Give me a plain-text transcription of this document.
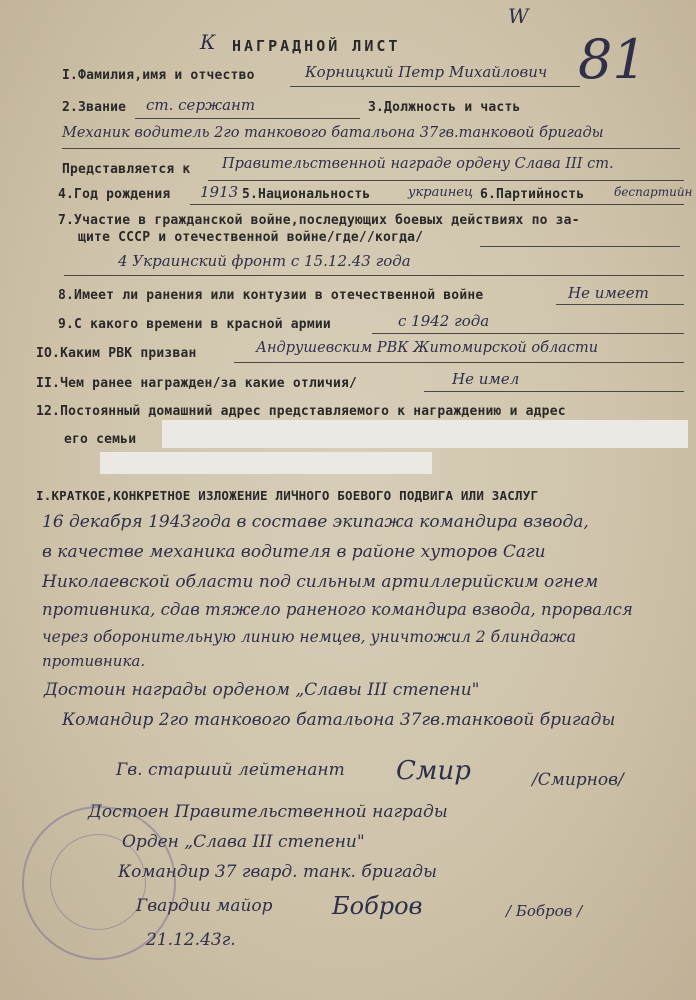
К НАГРАДНОЙ ЛИСТ
W
81
I.Фамилия,имя и отчество	Корницкий Петр Михайлович
2.Звание ст. сержант	3.Должность и часть
Механик водитель 2го танкового батальона 37гв.танковой бригады
Представляется к Правительственной награде ордену Слава III ст.
4.Год рождения 1913 5.Национальность	украинец 6.Партийность беспартийн
7.Участие в гражданской войне,последующих боевых действиях по за-
щите СССР и отечественной войне/где//когда/
4 Украинский фронт с 15.12.43 года
8.Имеет ли ранения или контузии в отечественной войне	Не имеет
9.С какого времени в красной армии	с 1942 года
IO.Каким РВК призван	Андрушевским РВК Житомирской области
II.Чем ранее награжден/за какие отличия/	Не имел
12.Постоянный домашний адрес представляемого к награждению и адрес
его семьи
I.КРАТКОЕ,КОНКРЕТНОЕ ИЗЛОЖЕНИЕ ЛИЧНОГО БОЕВОГО ПОДВИГА ИЛИ ЗАСЛУГ
16 декабря 1943года в составе экипажа командира взвода,
в качестве механика водителя в районе хуторов Саги
Николаевской области под сильным артиллерийским огнем
противника, сдав тяжело раненого командира взвода, прорвался
через оборонительную линию немцев, уничтожил 2 блиндажа
противника.
Достоин награды орденом „Славы III степени"
Командир 2го танкового батальона 37гв.танковой бригады
Гв. старший лейтенант Смир	/Смирнов/
Достоен Правительственной награды
Орден „Слава III степени"
Командир 37 гвард. танк. бригады
Гвардии майор Бобров	/ Бобров /
21.12.43г.
